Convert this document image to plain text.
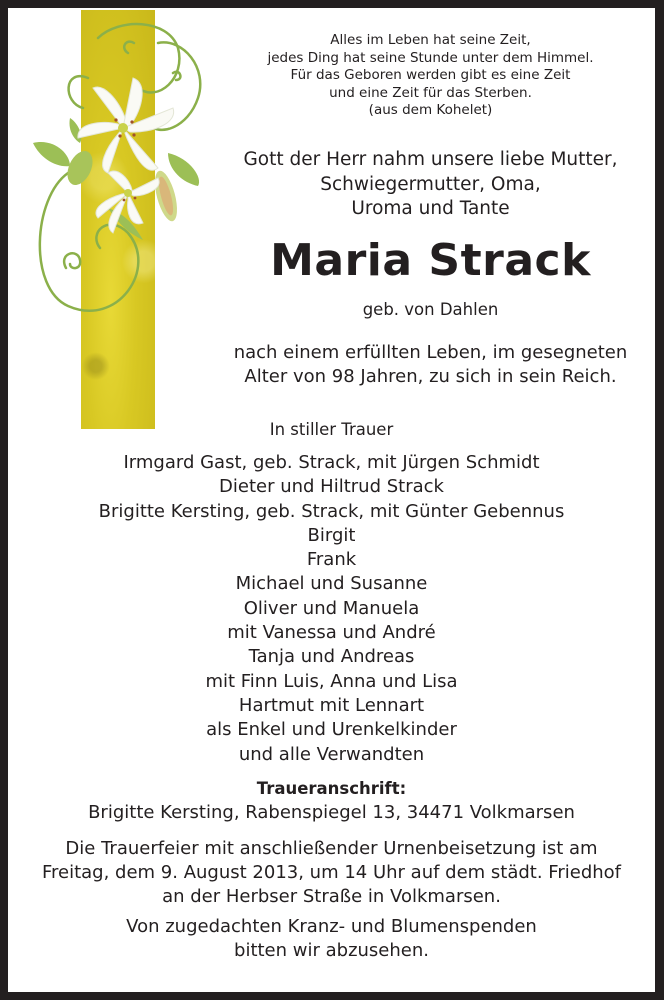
Alles im Leben hat seine Zeit,
jedes Ding hat seine Stunde unter dem Himmel.
Für das Geboren werden gibt es eine Zeit
und eine Zeit für das Sterben.
(aus dem Kohelet)
Gott der Herr nahm unsere liebe Mutter,
Schwiegermutter, Oma,
Uroma und Tante
Maria Strack
geb. von Dahlen
nach einem erfüllten Leben, im gesegneten
Alter von 98 Jahren, zu sich in sein Reich.
In stiller Trauer
Irmgard Gast, geb. Strack, mit Jürgen Schmidt
Dieter und Hiltrud Strack
Brigitte Kersting, geb. Strack, mit Günter Gebennus
Birgit
Frank
Michael und Susanne
Oliver und Manuela
mit Vanessa und André
Tanja und Andreas
mit Finn Luis, Anna und Lisa
Hartmut mit Lennart
als Enkel und Urenkelkinder
und alle Verwandten
Traueranschrift:
Brigitte Kersting, Rabenspiegel 13, 34471 Volkmarsen
Die Trauerfeier mit anschließender Urnenbeisetzung ist am
Freitag, dem 9. August 2013, um 14 Uhr auf dem städt. Friedhof
an der Herbser Straße in Volkmarsen.
Von zugedachten Kranz- und Blumenspenden
bitten wir abzusehen.
